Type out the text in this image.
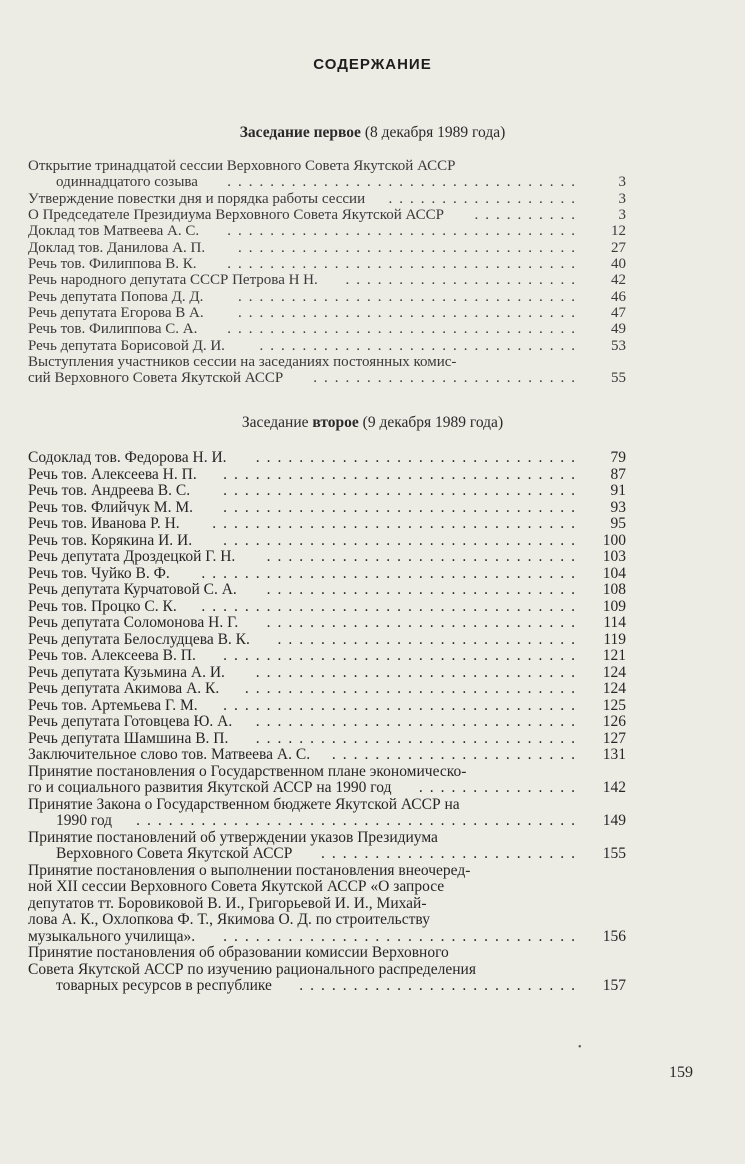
СОДЕРЖАНИЕ
Заседание первое (8 декабря 1989 года)
Открытие тринадцатой сессии Верховного Совета Якутской АССР
одиннадцатого созыва	3
.................................
Утверждение повестки дня и порядка работы сессии	3
..................
О Председателе Президиума Верховного Совета Якутской АССР	3
..........
Доклад тов Матвеева А. С.	12
.................................
Доклад тов. Данилова А. П.	27
................................
Речь тов. Филиппова В. К.	40
.................................
Речь народного депутата СССР Петрова Н Н.	42
......................
Речь депутата Попова Д. Д.	46
................................
Речь депутата Егорова В А.	47
................................
Речь тов. Филиппова С. А.	49
.................................
Речь депутата Борисовой Д. И.	53
..............................
Выступления участников сессии на заседаниях постоянных комис-
сий Верховного Совета Якутской АССР	55
.........................
Заседание второе (9 декабря 1989 года)
Содоклад тов. Федорова Н. И.	79
..............................
Речь тов. Алексеева Н. П.	87
.................................
Речь тов. Андреева В. С.	91
.................................
Речь тов. Флийчук М. М.	93
.................................
Речь тов. Иванова Р. Н.	95
..................................
Речь тов. Корякина И. И.	100
.................................
Речь депутата Дроздецкой Г. Н.	103
.............................
Речь тов. Чуйко В. Ф.	104
...................................
Речь депутата Курчатовой С. А.	108
.............................
Речь тов. Процко С. К.	109
...................................
Речь депутата Соломонова Н. Г.	114
.............................
Речь депутата Белослудцева В. К.	119
............................
Речь тов. Алексеева В. П.	121
.................................
Речь депутата Кузьмина А. И.	124
..............................
Речь депутата Акимова А. К.	124
...............................
Речь тов. Артемьева Г. М.	125
.................................
Речь депутата Готовцева Ю. А.	126
..............................
Речь депутата Шамшина В. П.	127
..............................
Заключительное слово тов. Матвеева А. С.	131
.......................
Принятие постановления о Государственном плане экономическо-
го и социального развития Якутской АССР на 1990 год	142
...............
Принятие Закона о Государственном бюджете Якутской АССР на
1990 год	149
.........................................
Принятие постановлений об утверждении указов Президиума
Верховного Совета Якутской АССР	155
........................
Принятие постановления о выполнении постановления внеочеред-
ной XII сессии Верховного Совета Якутской АССР «О запросе
депутатов тт. Боровиковой В. И., Григорьевой И. И., Михай-
лова А. К., Охлопкова Ф. Т., Якимова О. Д. по строительству
музыкального училища».	156
.................................
Принятие постановления об образовании комиссии Верховного
Совета Якутской АССР по изучению рационального распределения
товарных ресурсов в республике	157
..........................
•
159
